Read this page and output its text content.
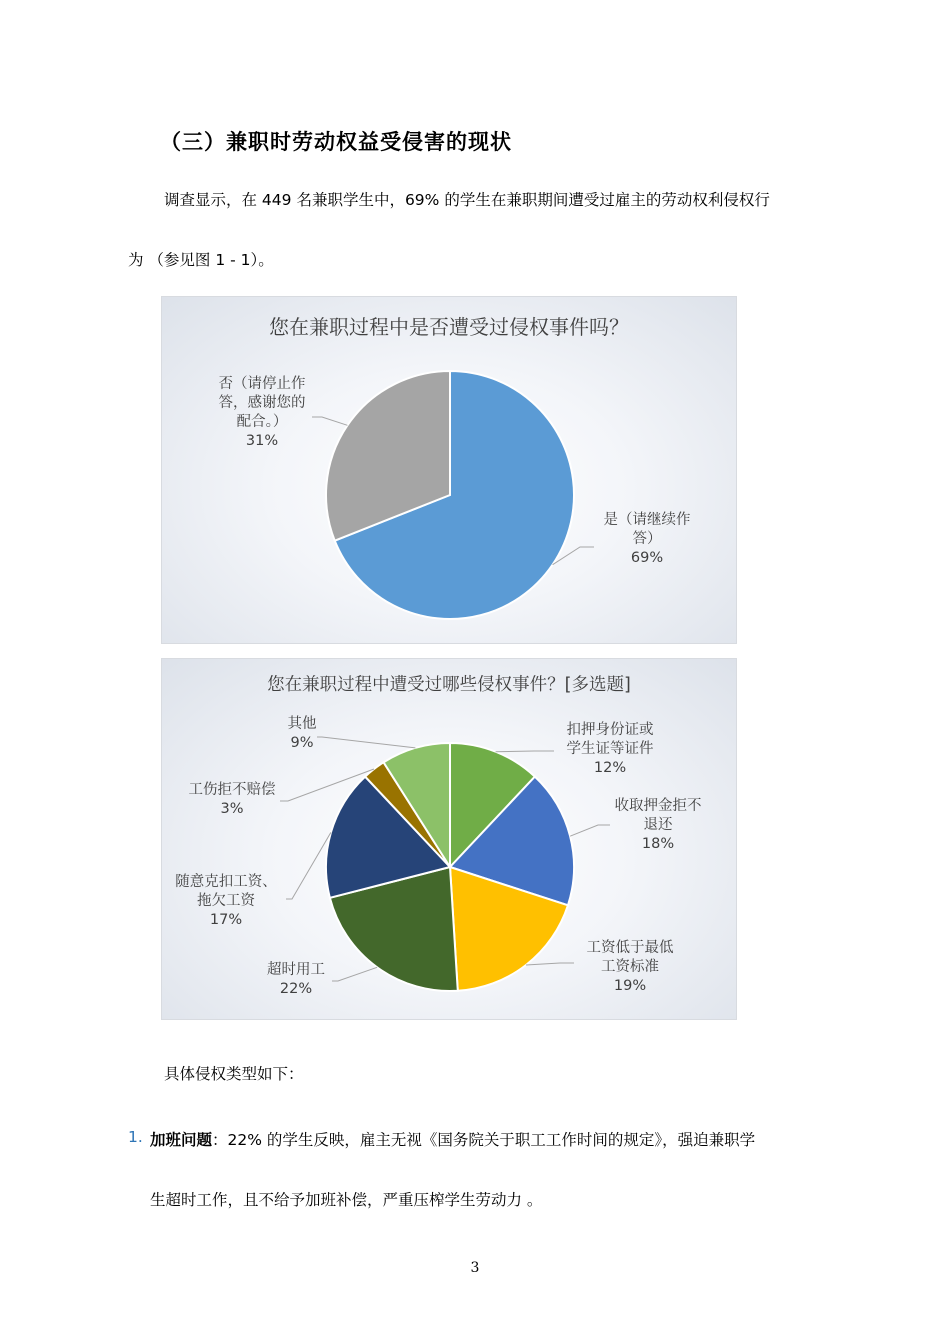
（三）兼职时劳动权益受侵害的现状
调查显示，在 449 名兼职学生中，69% 的学生在兼职期间遭受过雇主的劳动权利侵权行
为 （参见图 1 - 1）。
您在兼职过程中是否遭受过侵权事件吗？
是（请继续作
答）
69%
否（请停止作
答，感谢您的
配合。）
31%
您在兼职过程中遭受过哪些侵权事件？[多选题]
扣押身份证或
学生证等证件
12%
收取押金拒不
退还
18%
工资低于最低
工资标准
19%
超时用工
22%
随意克扣工资、
拖欠工资
17%
工伤拒不赔偿
3%
其他
9%
具体侵权类型如下：
1. 加班问题：22% 的学生反映，雇主无视《国务院关于职工工作时间的规定》，强迫兼职学
生超时工作，且不给予加班补偿，严重压榨学生劳动力 。
3
